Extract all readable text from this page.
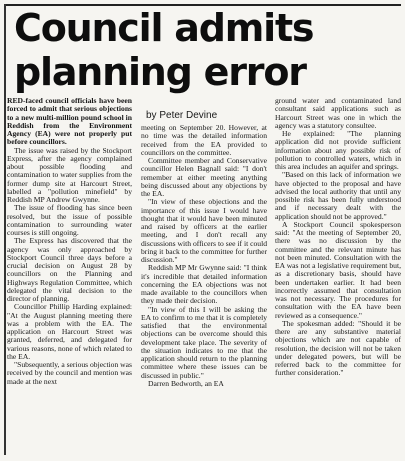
Council admits
planning error
by Peter Devine

RED-faced council officials have been forced to admit that serious objections to a new multi-million pound school in Reddish from the Environment Agency (EA) were not properly put before councillors.

The issue was raised by the Stockport Express, after the agency complained about possible flooding and contamination to water supplies from the former dump site at Harcourt Street, labelled a "pollution minefield" by Reddish MP Andrew Gwynne.

The issue of flooding has since been resolved, but the issue of possible contamination to surrounding water courses is still ongoing.

The Express has discovered that the agency was only approached by Stockport Council three days before a crucial decision on August 28 by councillors on the Planning and Highways Regulation Committee, which delegated the vital decision to the director of planning.

Councillor Phillip Harding explained: "At the August planning meeting there was a problem with the EA. The application on Harcourt Street was granted, deferred, and delegated for various reasons, none of which related to the EA.

"Subsequently, a serious objection was received by the council and mention was made at the next

meeting on September 20. However, at no time was the detailed information received from the EA provided to councillors on the committee.

Committee member and Conservative councillor Helen Bagnall said: "I don't remember at either meeting anything being discussed about any objections by the EA.

"In view of these objections and the importance of this issue I would have thought that it would have been minuted and raised by officers at the earlier meeting, and I don't recall any discussions with officers to see if it could bring it back to the committee for further discussion."

Reddish MP Mr Gwynne said: "I think it's incredible that detailed information concerning the EA objections was not made available to the councillors when they made their decision.

"In view of this I will be asking the EA to confirm to me that it is completely satisfied that the environmental objections can be overcome should this development take place. The severity of the situation indicates to me that the application should return to the planning committee where these issues can be discussed in public."

Darren Bedworth, an EA

ground water and contaminated land consultant said applications such as Harcourt Street was one in which the agency was a statutory consultee.

He explained: "The planning application did not provide sufficient information about any possible risk of pollution to controlled waters, which in this area includes an aquifer and springs.

"Based on this lack of information we have objected to the proposal and have advised the local authority that until any possible risk has been fully understood and if necessary dealt with the application should not be approved."

A Stockport Council spokesperson said: "At the meeting of September 20, there was no discussion by the committee and the relevant minute has not been minuted. Consultation with the EA was not a legislative requirement but, as a discretionary basis, should have been undertaken earlier. It had been incorrectly assumed that consultation was not necessary. The procedures for consultation with the EA have been reviewed as a consequence."

The spokesman added: "Should it be there are any substantive material objections which are not capable of resolution, the decision will not be taken under delegated powers, but will be referred back to the committee for further consideration."
